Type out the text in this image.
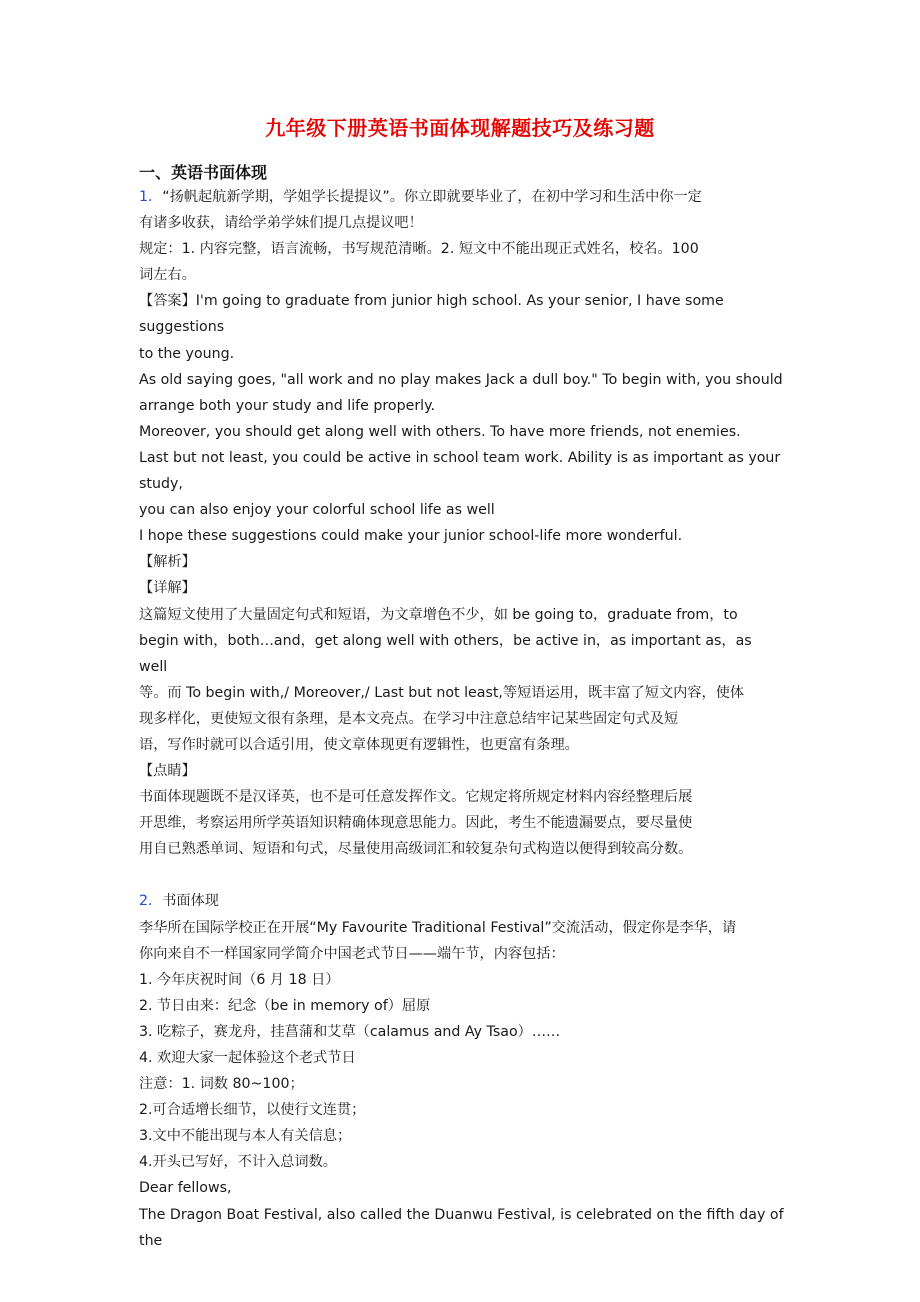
九年级下册英语书面体现解题技巧及练习题
一、英语书面体现

1．“扬帆起航新学期，学姐学长提提议”。你立即就要毕业了，在初中学习和生活中你一定

有诸多收获，请给学弟学妹们提几点提议吧！

规定：1. 内容完整，语言流畅，书写规范清晰。2. 短文中不能出现正式姓名，校名。100

词左右。

【答案】I'm going to graduate from junior high school. As your senior, I have some suggestions

to the young.

As old saying goes, "all work and no play makes Jack a dull boy." To begin with, you should

arrange both your study and life properly.

Moreover, you should get along well with others. To have more friends, not enemies.

Last but not least, you could be active in school team work. Ability is as important as your study,

you can also enjoy your colorful school life as well

I hope these suggestions could make your junior school-life more wonderful.

【解析】

【详解】

这篇短文使用了大量固定句式和短语，为文章增色不少，如 be going to，graduate from，to

begin with，both…and，get along well with others，be active in，as important as，as well

等。而 To begin with,/ Moreover,/ Last but not least,等短语运用，既丰富了短文内容，使体

现多样化，更使短文很有条理，是本文亮点。在学习中注意总结牢记某些固定句式及短

语，写作时就可以合适引用，使文章体现更有逻辑性，也更富有条理。

【点睛】

书面体现题既不是汉译英，也不是可任意发挥作文。它规定将所规定材料内容经整理后展

开思维，考察运用所学英语知识精确体现意思能力。因此，考生不能遗漏要点，要尽量使

用自已熟悉单词、短语和句式，尽量使用高级词汇和较复杂句式构造以便得到较高分数。

2．书面体现

李华所在国际学校正在开展“My Favourite Traditional Festival”交流活动，假定你是李华，请

你向来自不一样国家同学简介中国老式节日——端午节，内容包括：

1. 今年庆祝时间（6 月 18 日）

2. 节日由来：纪念（be in memory of）屈原

3. 吃粽子，赛龙舟，挂菖蒲和艾草（calamus and Ay Tsao）……

4. 欢迎大家一起体验这个老式节日

注意：1. 词数 80~100；

2.可合适增长细节，以使行文连贯；

3.文中不能出现与本人有关信息；

4.开头已写好，不计入总词数。

Dear fellows,

The Dragon Boat Festival, also called the Duanwu Festival, is celebrated on the fifth day of the
